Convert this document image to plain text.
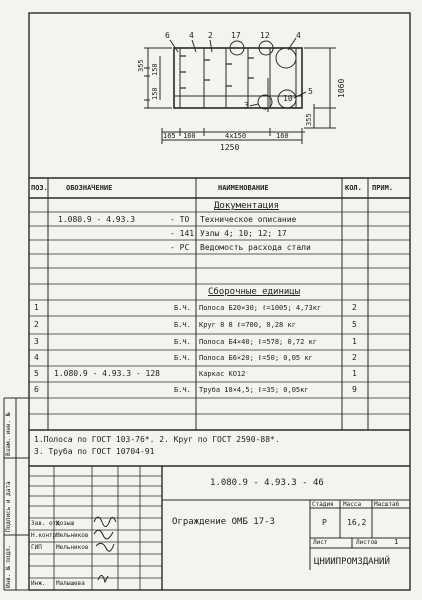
6 4 2 17 12	4
5
10
3
355 150
150	1060
355
165 160	4x150	160
1250
ПОЗ.	ОБОЗНАЧЕНИЕ	НАИМЕНОВАНИЕ	КОЛ. ПРИМ.
Документация
1.080.9 - 4.93.3	- ТО Техническое описание
- 141 Узлы 4; 10; 12; 17
- РС Ведомость расхода стали
Сборочные единицы
1	Б.Ч. Полоса Б20×30; ℓ=1005; 4,73кг	2
2	Б.Ч. Круг 8 8 ℓ=700, 0,28 кг	5
3	Б.Ч. Полоса Б4×40; ℓ=578; 0,72 кг	1
4	Б.Ч. Полоса Б6×20; ℓ=50; 0,05 кг	2
5 1.080.9 - 4.93.3 - 128	Каркас КО12	1
6	Б.Ч. Труба 18×4,5; ℓ=35; 0,05кг	9
1.Полоса по ГОСТ 103-76*. 2. Круг по ГОСТ 2590-88*.
3. Труба по ГОСТ 10704-91
Взам. инв. №
Подпись и дата
Инв. № подл.
1.080.9 - 4.93.3 - 46
Ограждение ОМБ 17-3
Зав. отд
Козыш
Н.контр.
Мельников
ГИП Мельников
Инж. Малышева
Стадия Масса Масштаб
Р	16,2
Лист	Листов 1
ЦНИИПРОМЗДАНИЙ
